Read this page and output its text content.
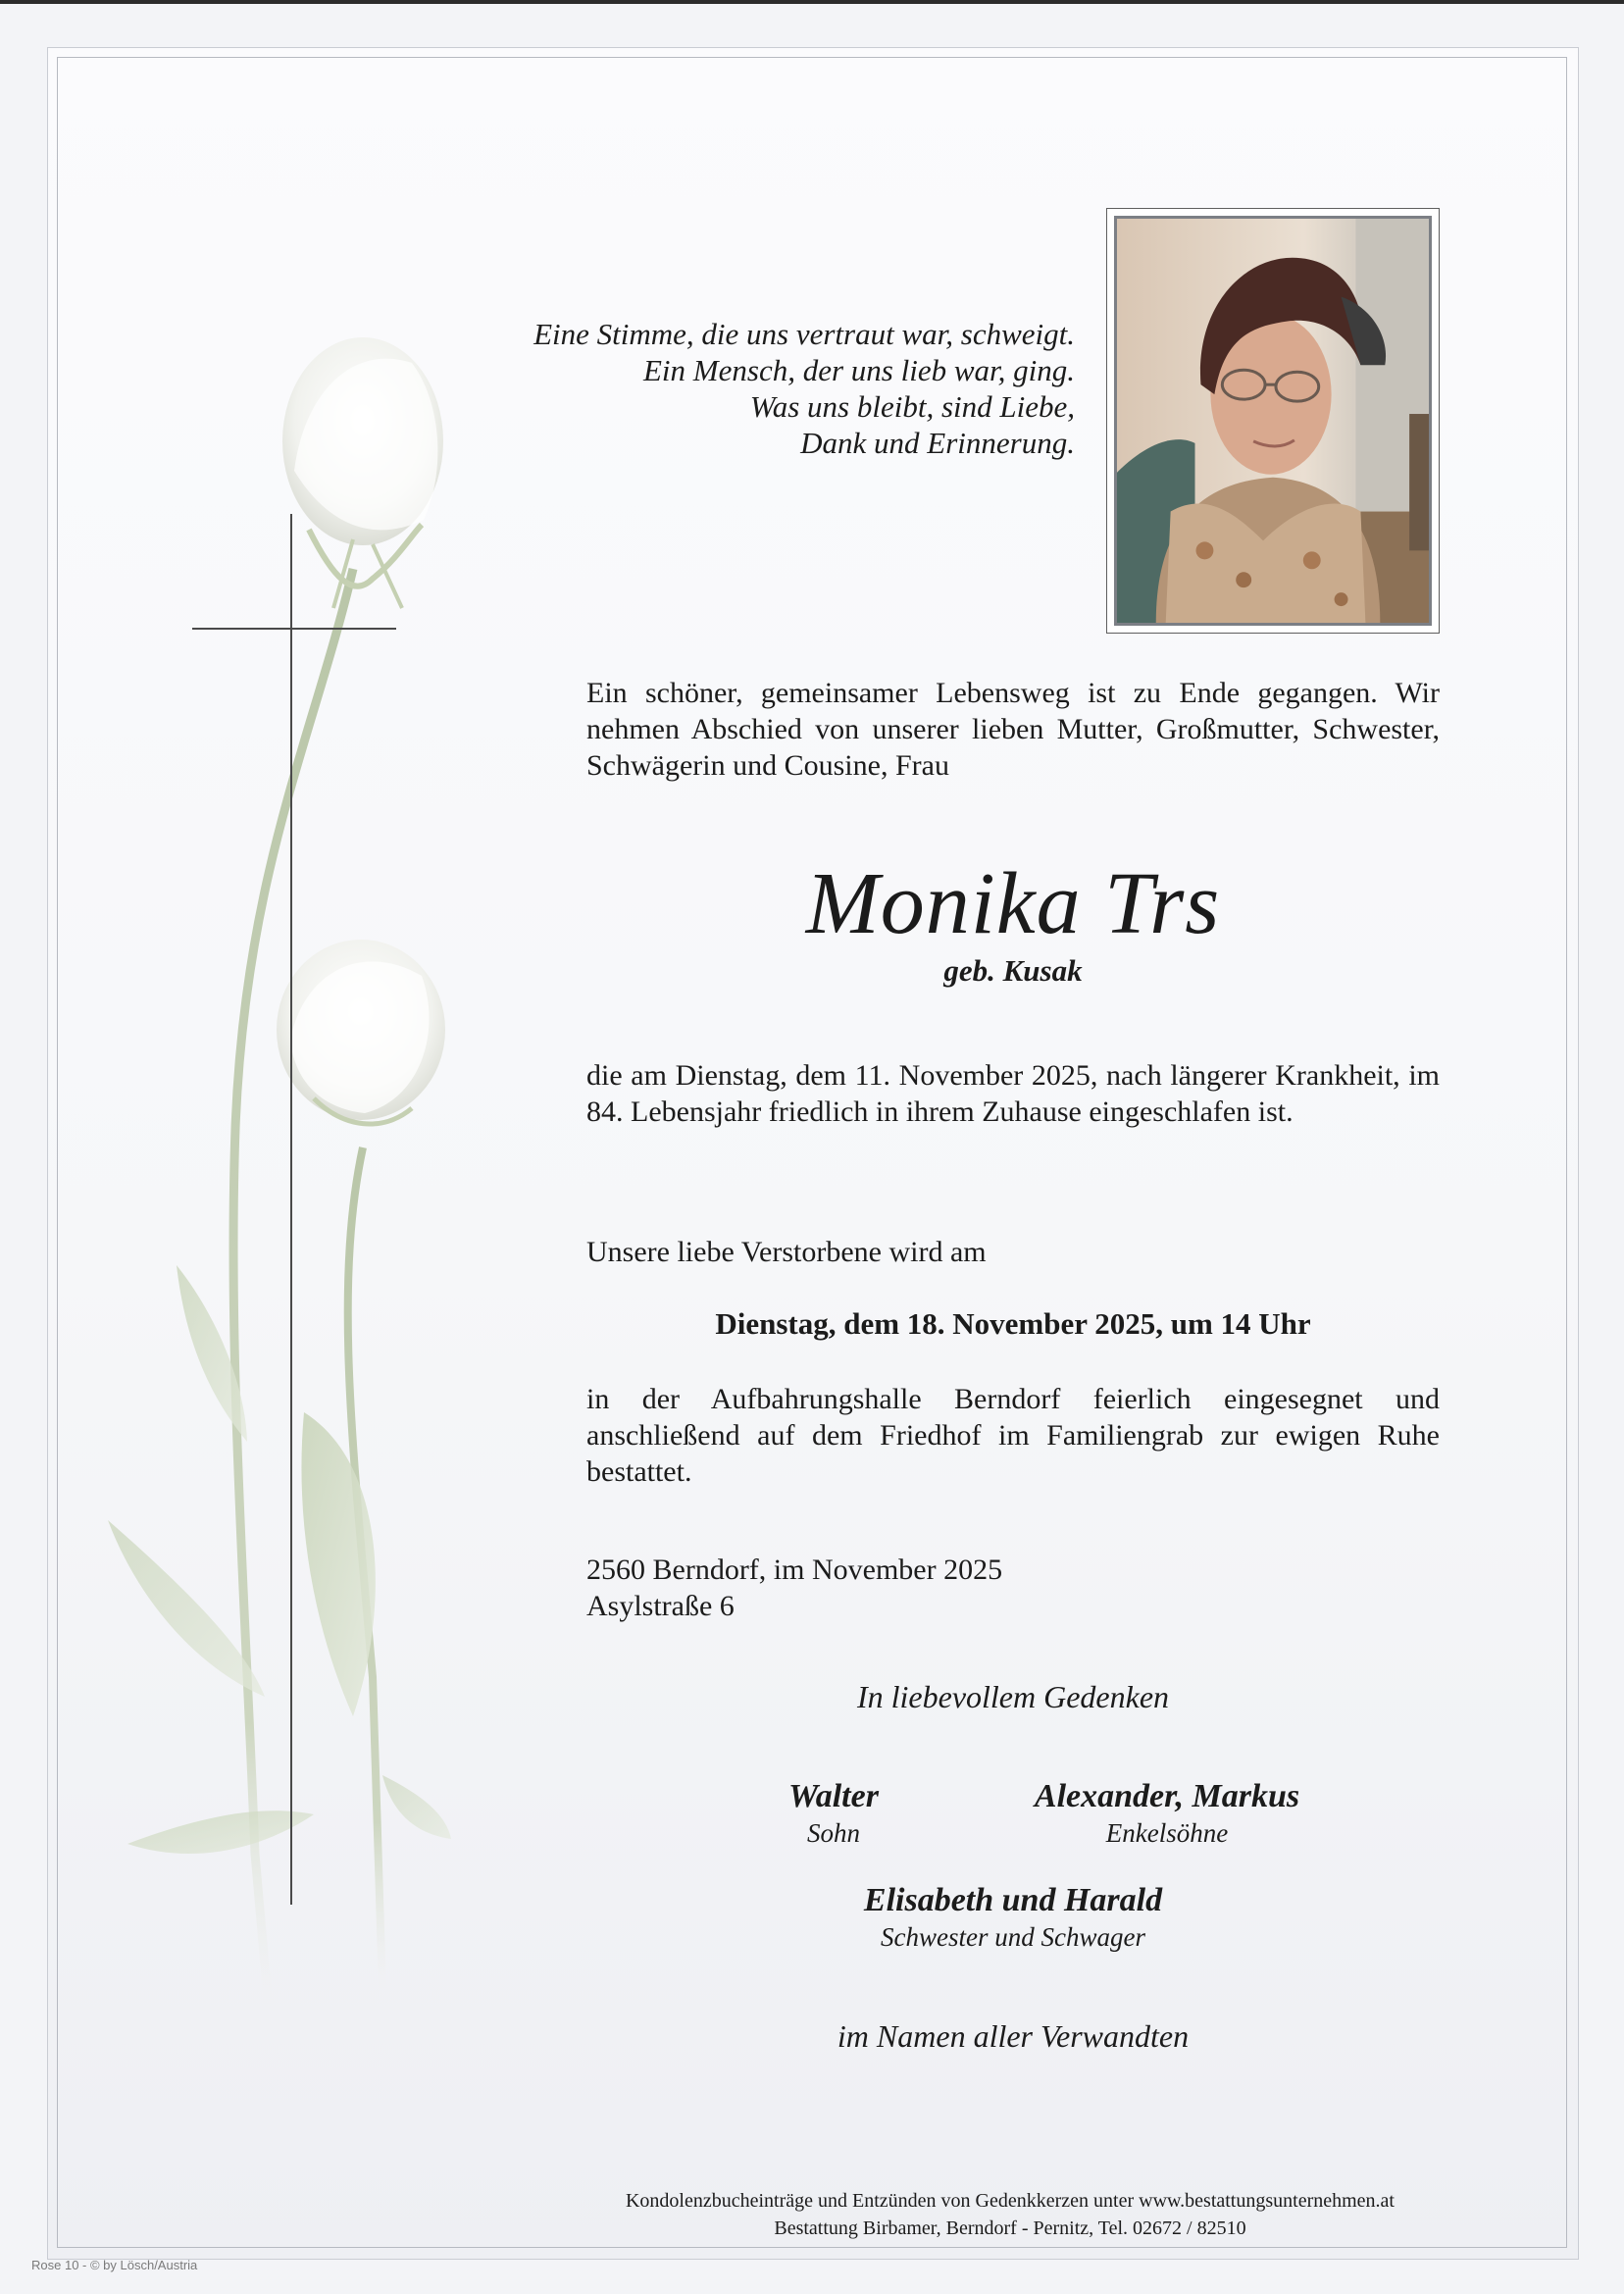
Eine Stimme, die uns vertraut war, schweigt.
Ein Mensch, der uns lieb war, ging.
Was uns bleibt, sind Liebe,
Dank und Erinnerung.
Ein schöner, gemeinsamer Lebensweg ist zu Ende gegangen. Wir nehmen Abschied von unserer lieben Mutter, Großmutter, Schwester, Schwägerin und Cousine, Frau
Monika Trs
geb. Kusak
die am Dienstag, dem 11. November 2025, nach längerer Krankheit, im 84. Lebensjahr friedlich in ihrem Zuhause eingeschlafen ist.
Unsere liebe Verstorbene wird am
Dienstag, dem 18. November 2025, um 14 Uhr
in der Aufbahrungshalle Berndorf feierlich eingesegnet und anschließend auf dem Friedhof im Familiengrab zur ewigen Ruhe bestattet.
2560 Berndorf, im November 2025
Asylstraße 6
In liebevollem Gedenken
Walter
Sohn
Alexander, Markus
Enkelsöhne
Elisabeth und Harald
Schwester und Schwager
im Namen aller Verwandten
Kondolenzbucheinträge und Entzünden von Gedenkkerzen unter www.bestattungsunternehmen.at
Bestattung Birbamer, Berndorf - Pernitz, Tel. 02672 / 82510
Rose 10 - © by Lösch/Austria
